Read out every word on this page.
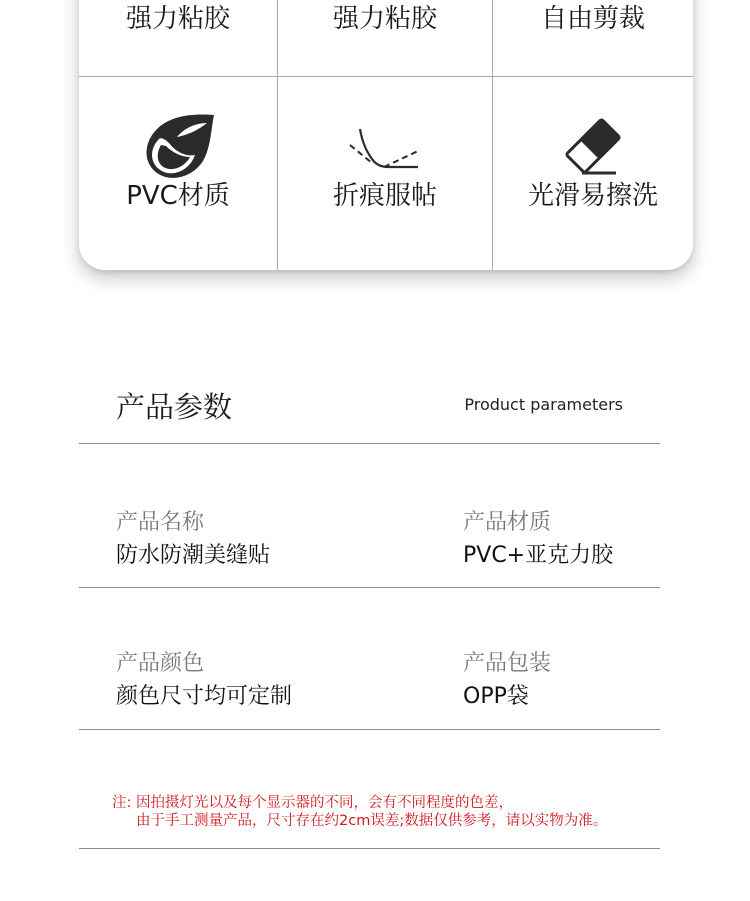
强力粘胶	强力粘胶	自由剪裁
PVC材质	折痕服帖	光滑易擦洗
产品参数	Product parameters
产品名称
防水防潮美缝贴
产品材质
PVC+亚克力胶
产品颜色
颜色尺寸均可定制
产品包装
OPP袋
注: 因拍摄灯光以及每个显示器的不同，会有不同程度的色差，
由于手工测量产品，尺寸存在约2cm误差;数据仅供参考，请以实物为准。
